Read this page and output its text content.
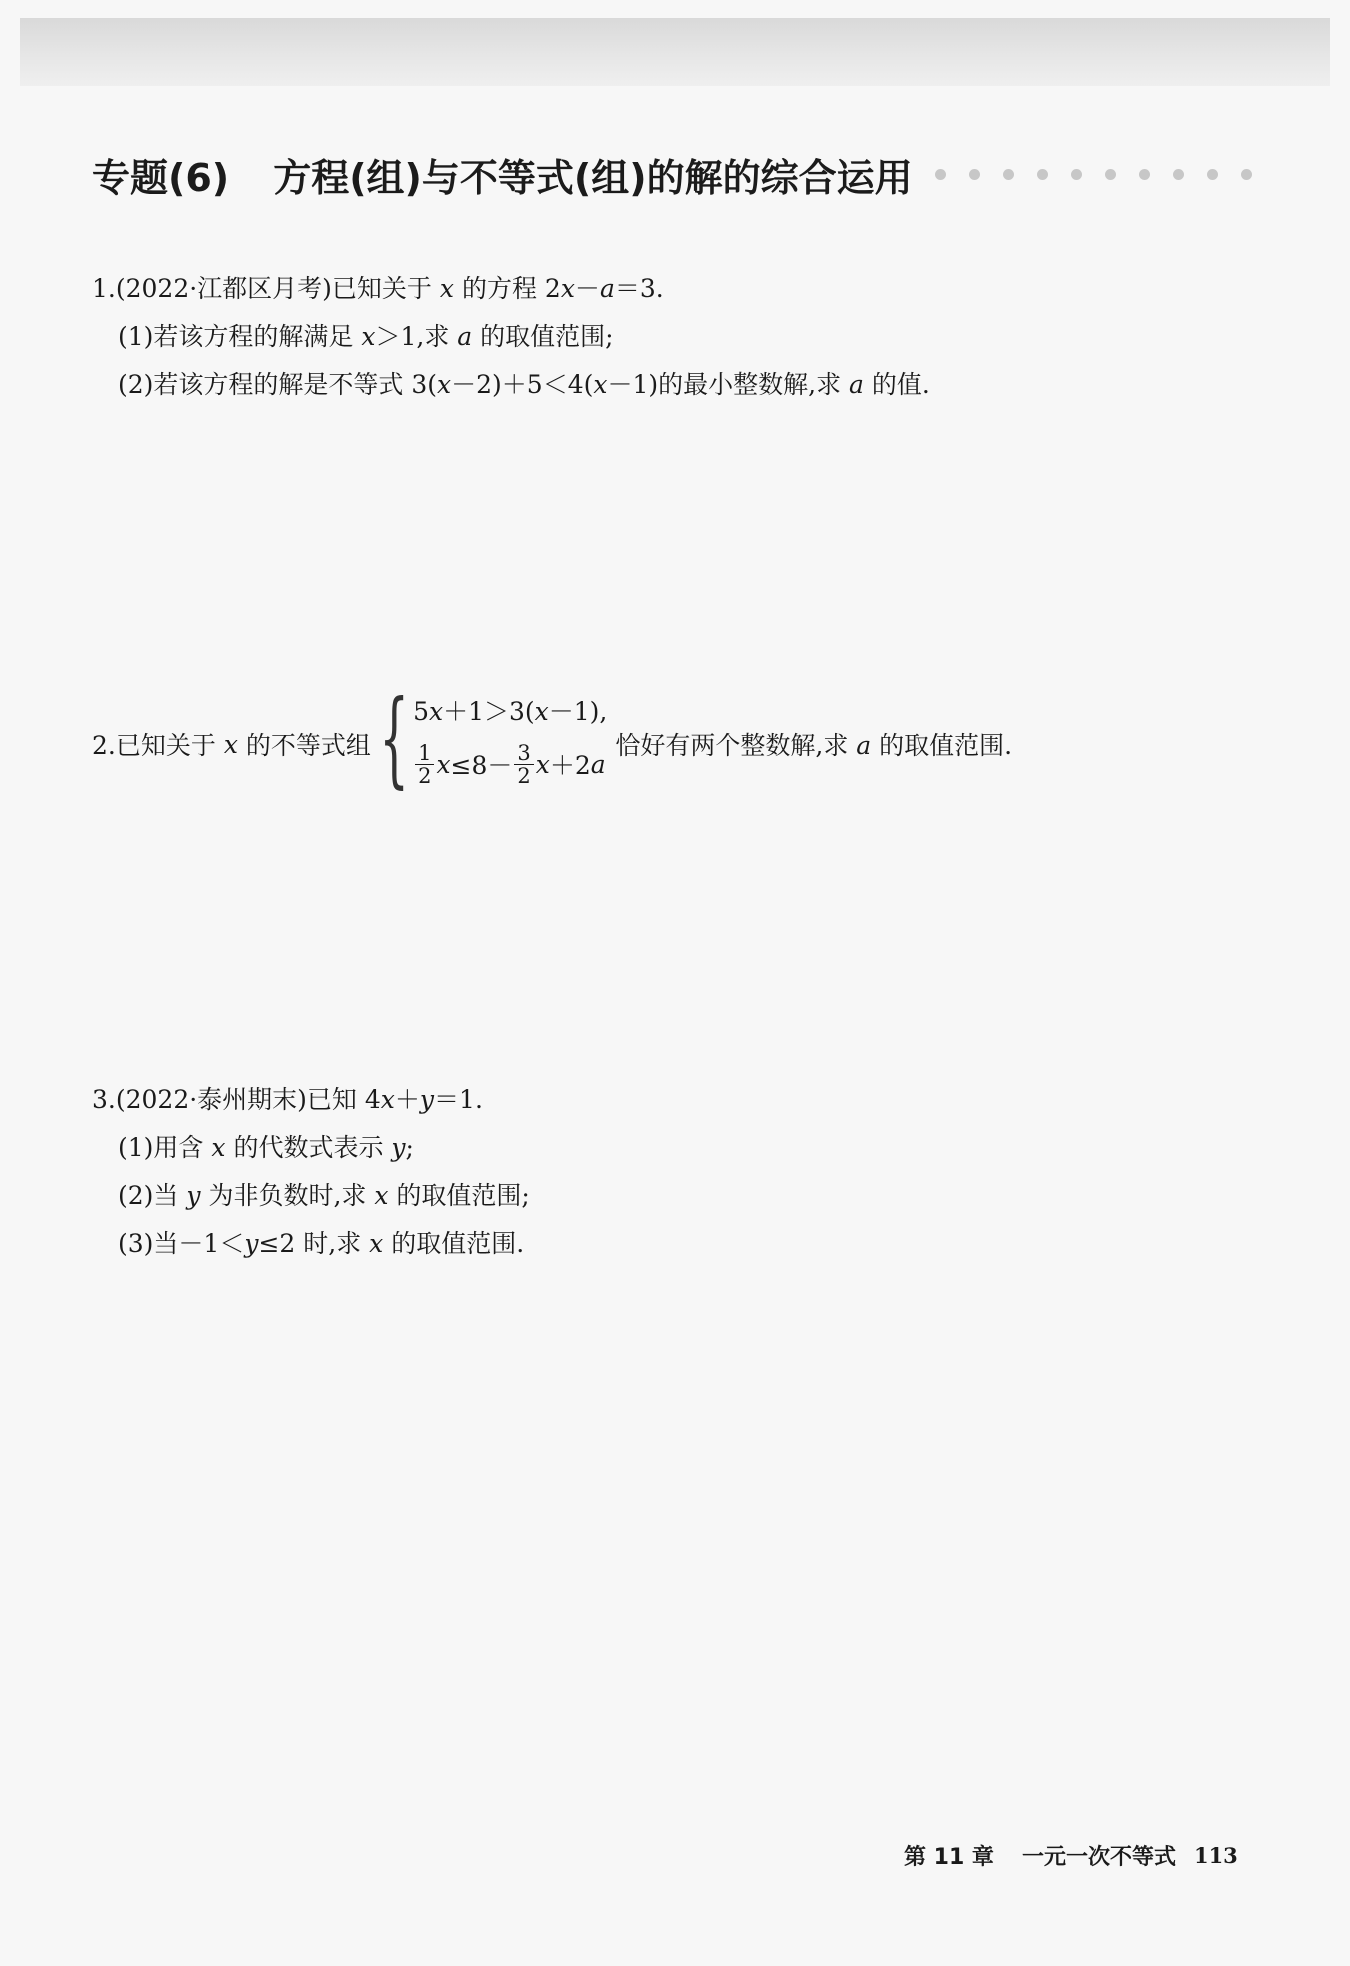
专题(6) 方程(组)与不等式(组)的解的综合运用
1.(2022·江都区月考)已知关于 x 的方程 2x－a＝3.
(1)若该方程的解满足 x＞1,求 a 的取值范围;
(2)若该方程的解是不等式 3(x－2)＋5＜4(x－1)的最小整数解,求 a 的值.
2.已知关于
x
的不等式组 { 5x＋1＞3(x－1),
$\frac{1}{2}$ $x \le 8- \frac{3}{2}$ x ＋2 a
恰好有两个整数解,求 a 的取值范围.
3.(2022·泰州期末)已知 4x＋y＝1.
(1)用含 x 的代数式表示 y;
(2)当 y 为非负数时,求 x 的取值范围;
(3)当－1＜y≤2 时,求 x 的取值范围.
第 11 章 一元一次不等式 113
